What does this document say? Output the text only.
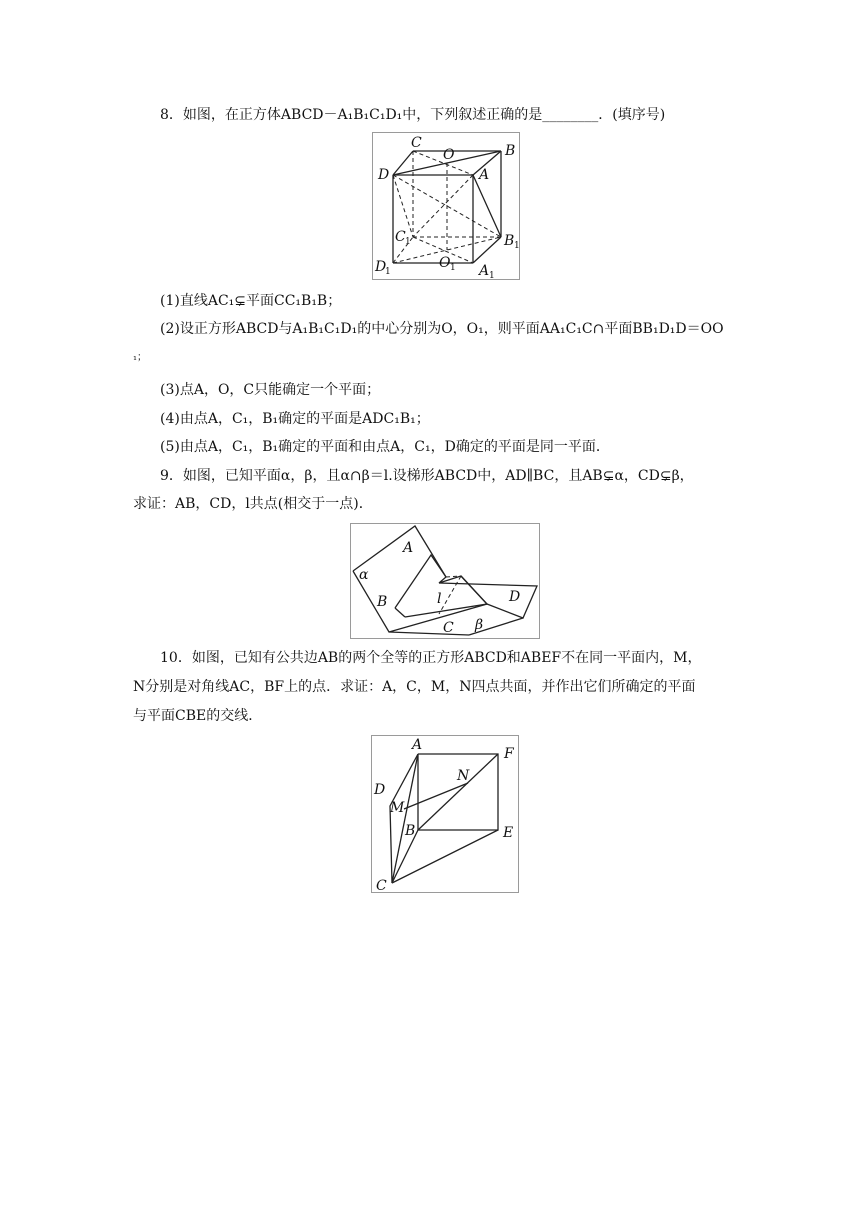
8．如图，在正方体ABCD－A₁B₁C₁D₁中，下列叙述正确的是________．(填序号)
C
O	B
D	A
C 1	B 1
D
1
O 1 A 1
(1)直线AC₁⊊平面CC₁B₁B；
(2)设正方形ABCD与A₁B₁C₁D₁的中心分别为O，O₁，则平面AA₁C₁C∩平面BB₁D₁D＝OO
₁；
(3)点A，O，C只能确定一个平面；
(4)由点A，C₁，B₁确定的平面是ADC₁B₁；
(5)由点A，C₁，B₁确定的平面和由点A，C₁，D确定的平面是同一平面．
9．如图，已知平面α，β，且α∩β＝l.设梯形ABCD中，AD∥BC，且AB⊊α，CD⊊β，
求证：AB，CD，l共点(相交于一点)．
A
α
B	l	D
C β
10．如图，已知有公共边AB的两个全等的正方形ABCD和ABEF不在同一平面内，M，
N分别是对角线AC，BF上的点．求证：A，C，M，N四点共面，并作出它们所确定的平面
与平面CBE的交线．
A
F
N
D
M
B	E
C
